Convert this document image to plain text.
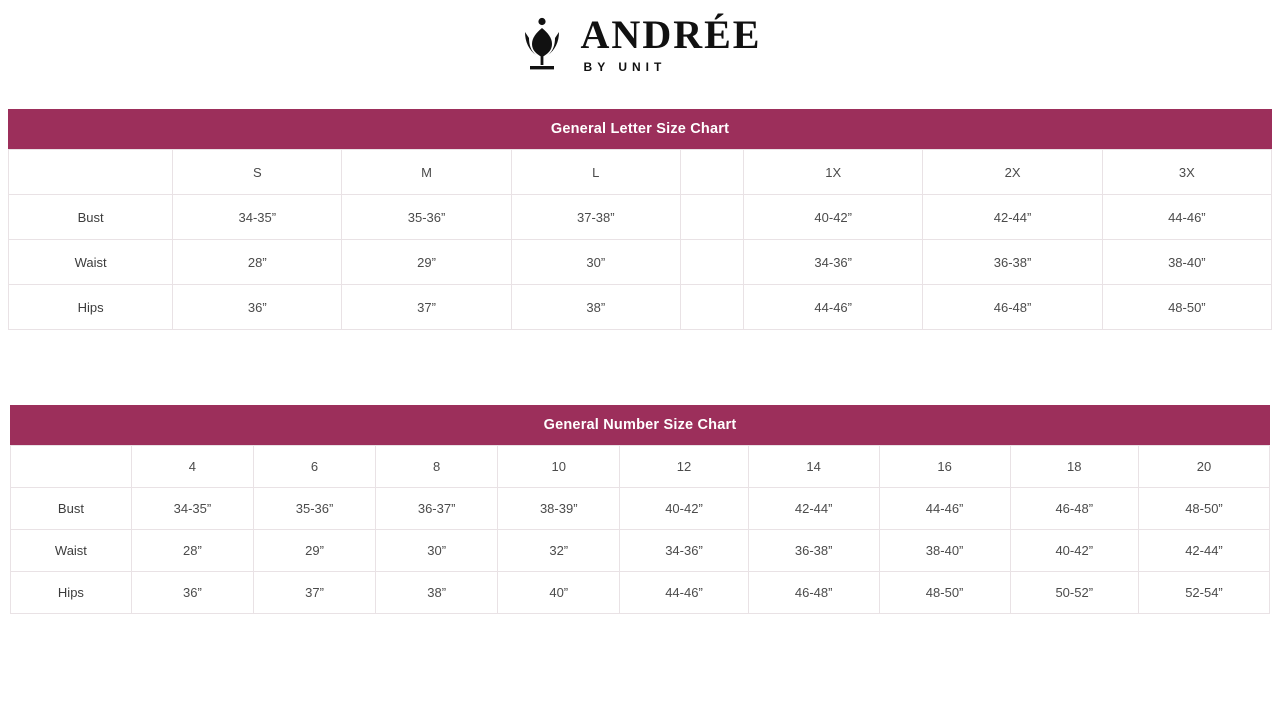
ANDRÉE
BY UNIT
General Letter Size Chart
	S	M	L		1X	2X	3X
Bust	34-35”	35-36”	37-38”		40-42”	42-44”	44-46”
Waist	28”	29”	30”		34-36”	36-38”	38-40”
Hips	36”	37”	38”		44-46”	46-48”	48-50”
General Number Size Chart
	4	6	8	10	12	14	16	18	20
Bust	34-35”	35-36”	36-37”	38-39”	40-42”	42-44”	44-46”	46-48”	48-50”
Waist	28”	29”	30”	32”	34-36”	36-38”	38-40”	40-42”	42-44”
Hips	36”	37”	38”	40”	44-46”	46-48”	48-50”	50-52”	52-54”
